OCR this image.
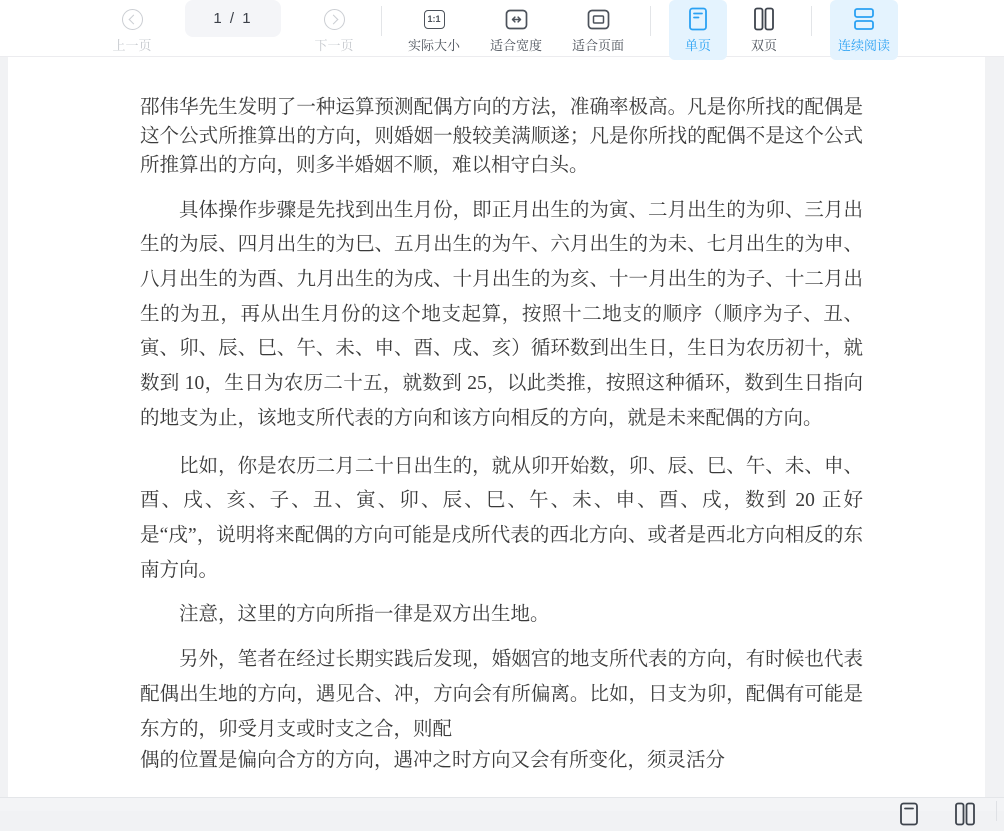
上一页
1 / 1
下一页
1:1
实际大小 适合宽度 适合页面	单页	双页	连续阅读

邵伟华先生发明了一种运算预测配偶方向的方法，准确率极高。凡是你所找的配偶是这个公式所推算出的方向，则婚姻一般较美满顺遂；凡是你所找的配偶不是这个公式所推算出的方向，则多半婚姻不顺，难以相守白头。

具体操作步骤是先找到出生月份，即正月出生的为寅、二月出生的为卯、三月出生的为辰、四月出生的为巳、五月出生的为午、六月出生的为未、七月出生的为申、八月出生的为酉、九月出生的为戌、十月出生的为亥、十一月出生的为子、十二月出生的为丑，再从出生月份的这个地支起算，按照十二地支的顺序（顺序为子、丑、寅、卯、辰、巳、午、未、申、酉、戌、亥）循环数到出生日，生日为农历初十，就数到 10，生日为农历二十五，就数到 25，以此类推，按照这种循环，数到生日指向的地支为止，该地支所代表的方向和该方向相反的方向，就是未来配偶的方向。

比如，你是农历二月二十日出生的，就从卯开始数，卯、辰、巳、午、未、申、酉、戌、亥、子、丑、寅、卯、辰、巳、午、未、申、酉、戌，数到 20 正好是“戌”，说明将来配偶的方向可能是戌所代表的西北方向、或者是西北方向相反的东南方向。

注意，这里的方向所指一律是双方出生地。

另外，笔者在经过长期实践后发现，婚姻宫的地支所代表的方向，有时候也代表配偶出生地的方向，遇见合、冲，方向会有所偏离。比如，日支为卯，配偶有可能是东方的，卯受月支或时支之合，则配

偶的位置是偏向合方的方向，遇冲之时方向又会有所变化，须灵活分
